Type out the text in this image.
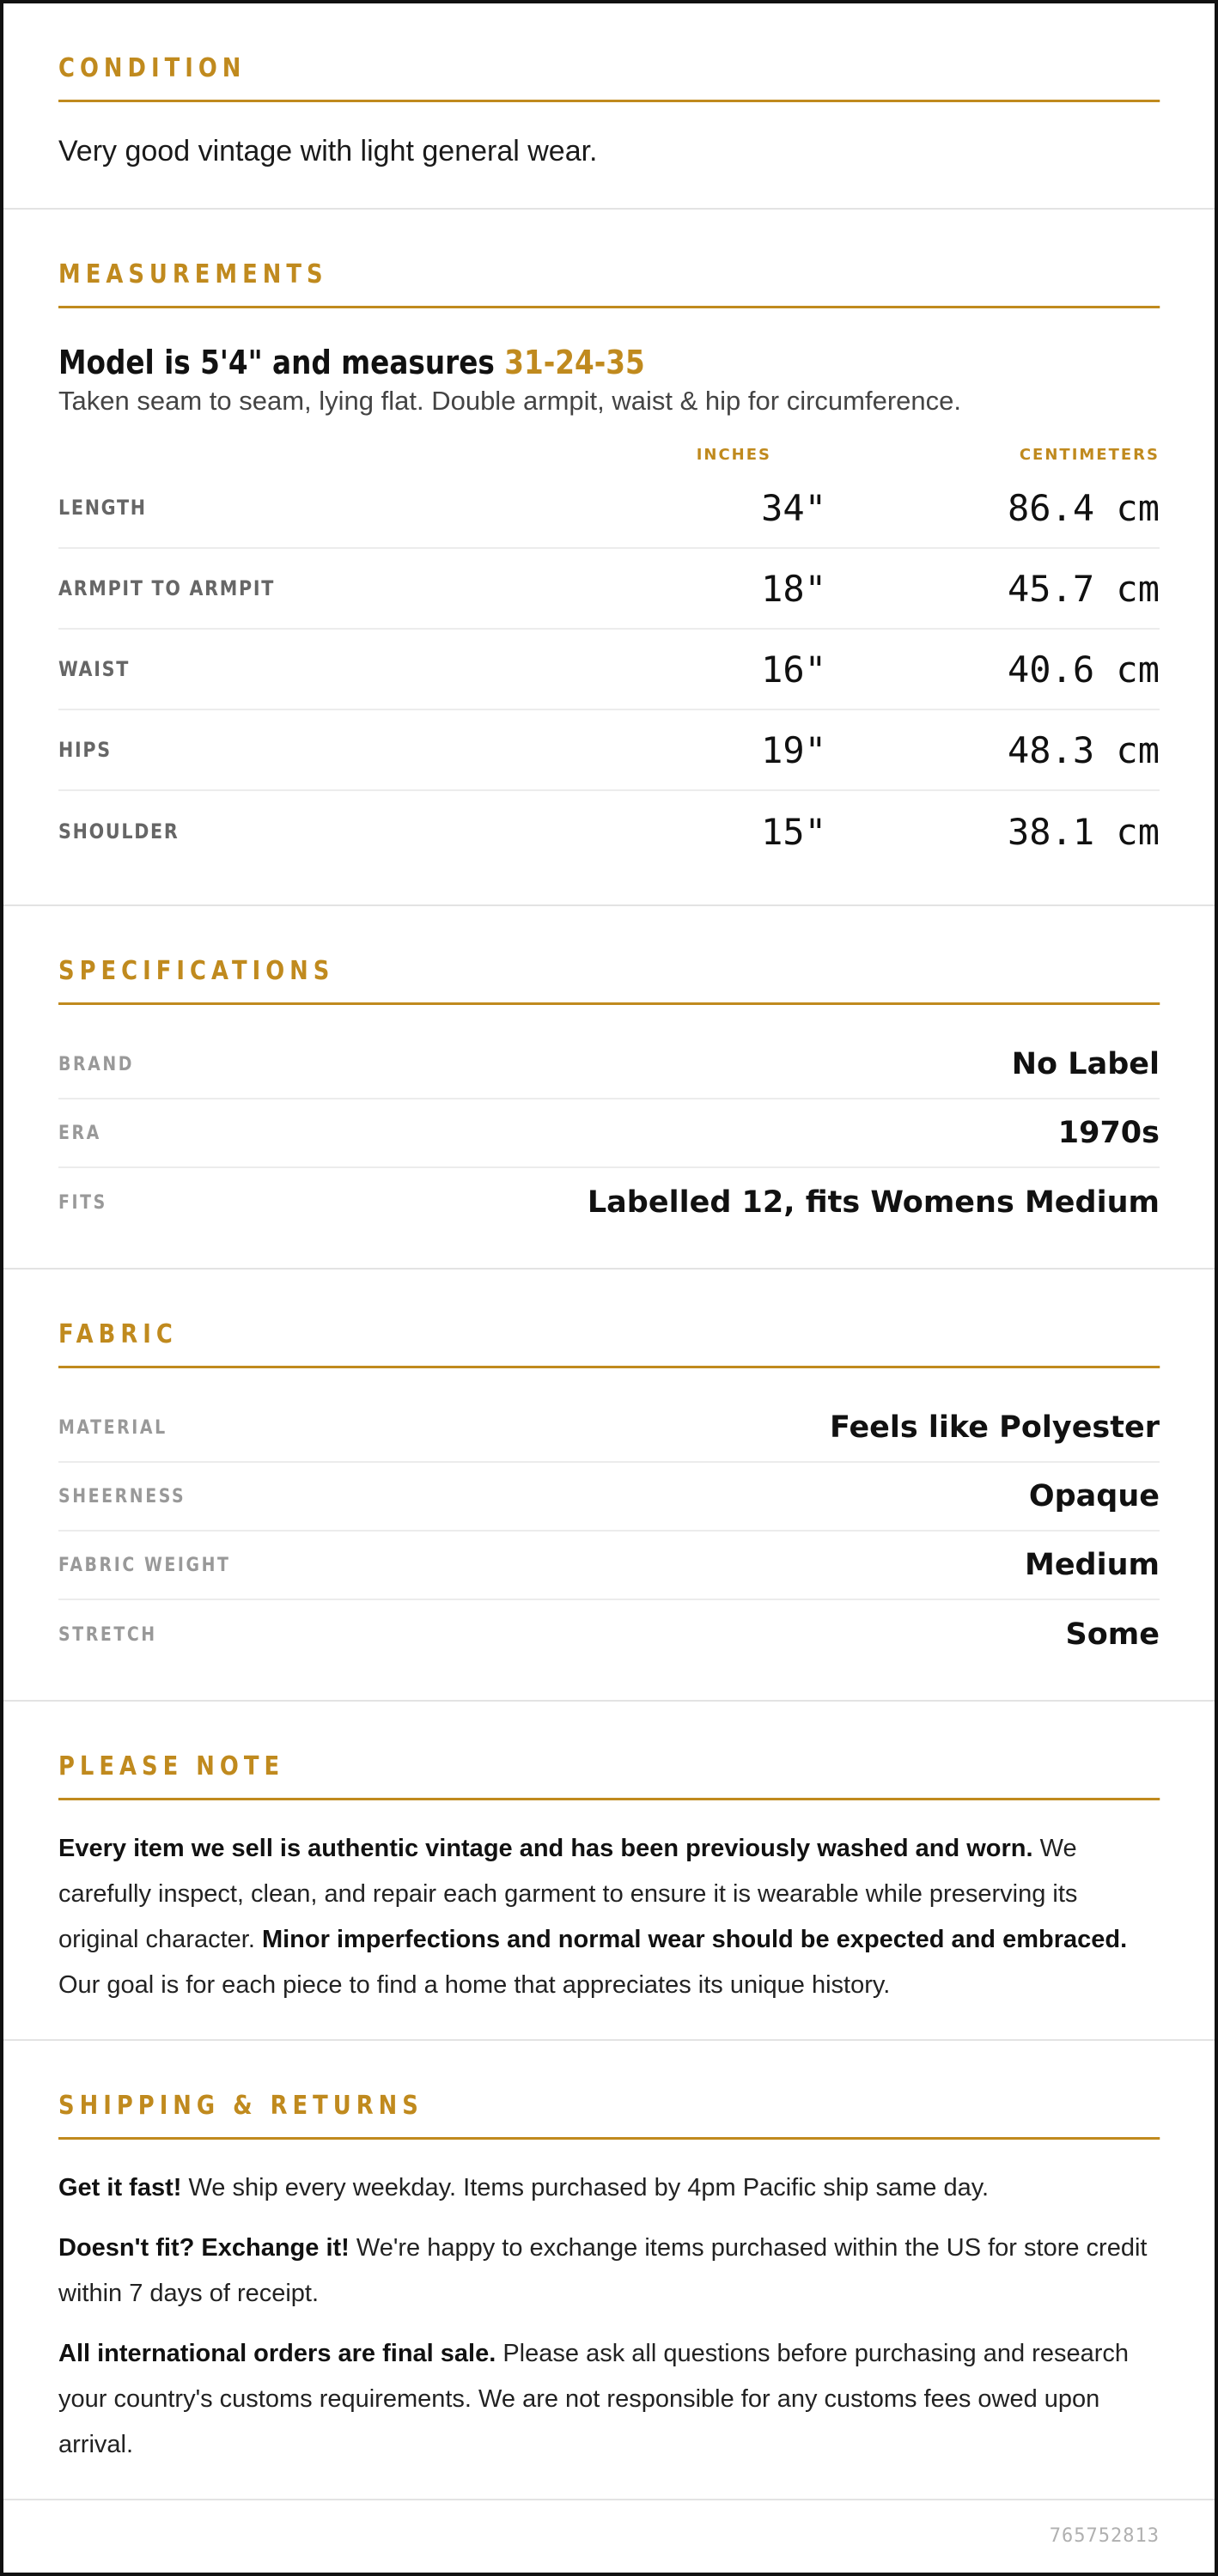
CONDITION
Very good vintage with light general wear.
MEASUREMENTS
Model is 5'4" and measures 31-24-35
Taken seam to seam, lying flat. Double armpit, waist & hip for circumference.
INCHES	CENTIMETERS
LENGTH	34"	86.4 cm
ARMPIT TO ARMPIT	18"	45.7 cm
WAIST	16"	40.6 cm
HIPS	19"	48.3 cm
SHOULDER	15"	38.1 cm
SPECIFICATIONS
BRAND	No Label
ERA	1970s
FITS	Labelled 12, fits Womens Medium
FABRIC
MATERIAL	Feels like Polyester
SHEERNESS	Opaque
FABRIC WEIGHT	Medium
STRETCH	Some
PLEASE NOTE
Every item we sell is authentic vintage and has been previously washed and worn. We carefully inspect, clean, and repair each garment to ensure it is wearable while preserving its original character. Minor imperfections and normal wear should be expected and embraced. Our goal is for each piece to find a home that appreciates its unique history.
SHIPPING & RETURNS
Get it fast! We ship every weekday. Items purchased by 4pm Pacific ship same day.
Doesn't fit? Exchange it! We're happy to exchange items purchased within the US for store credit within 7 days of receipt.
All international orders are final sale. Please ask all questions before purchasing and research your country's customs requirements. We are not responsible for any customs fees owed upon arrival.
765752813
